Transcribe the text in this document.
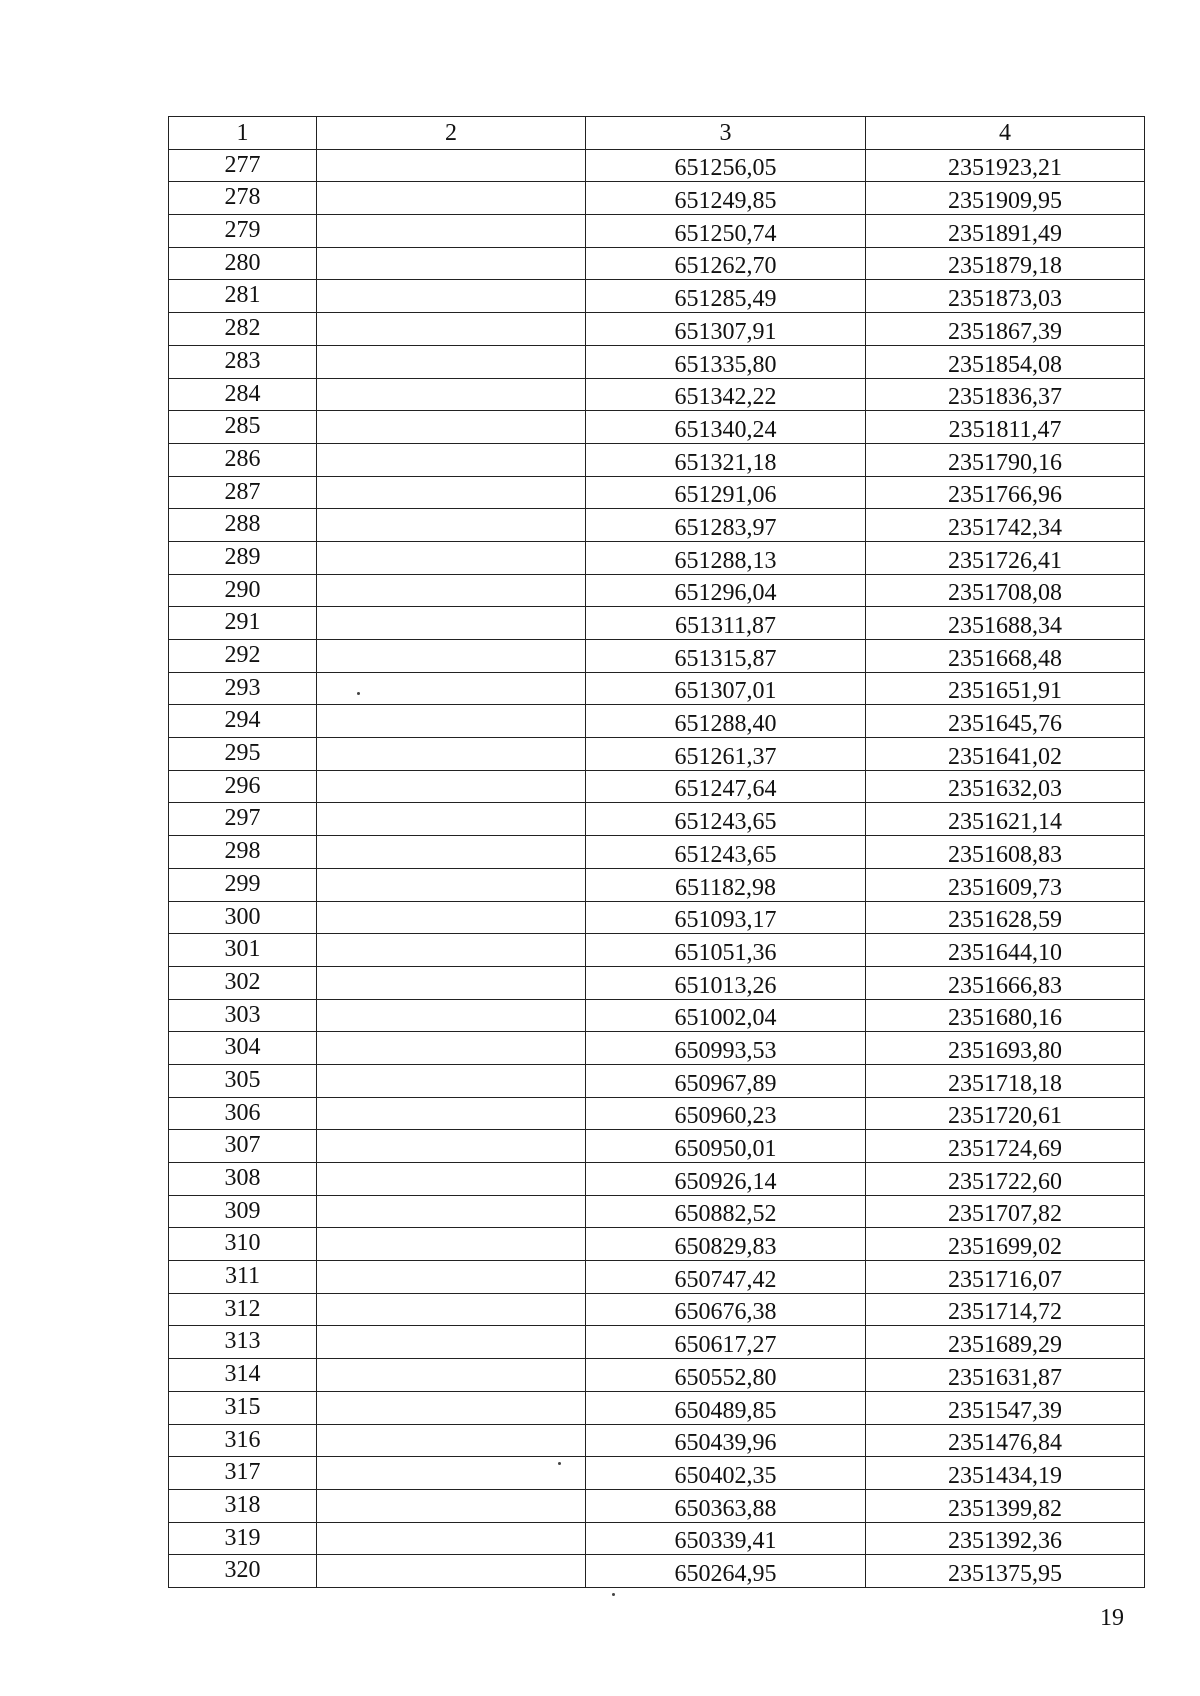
1	2	3	4
277		651256,05	2351923,21
278		651249,85	2351909,95
279		651250,74	2351891,49
280		651262,70	2351879,18
281		651285,49	2351873,03
282		651307,91	2351867,39
283		651335,80	2351854,08
284		651342,22	2351836,37
285		651340,24	2351811,47
286		651321,18	2351790,16
287		651291,06	2351766,96
288		651283,97	2351742,34
289		651288,13	2351726,41
290		651296,04	2351708,08
291		651311,87	2351688,34
292		651315,87	2351668,48
293		651307,01	2351651,91
294		651288,40	2351645,76
295		651261,37	2351641,02
296		651247,64	2351632,03
297		651243,65	2351621,14
298		651243,65	2351608,83
299		651182,98	2351609,73
300		651093,17	2351628,59
301		651051,36	2351644,10
302		651013,26	2351666,83
303		651002,04	2351680,16
304		650993,53	2351693,80
305		650967,89	2351718,18
306		650960,23	2351720,61
307		650950,01	2351724,69
308		650926,14	2351722,60
309		650882,52	2351707,82
310		650829,83	2351699,02
311		650747,42	2351716,07
312		650676,38	2351714,72
313		650617,27	2351689,29
314		650552,80	2351631,87
315		650489,85	2351547,39
316		650439,96	2351476,84
317		650402,35	2351434,19
318		650363,88	2351399,82
319		650339,41	2351392,36
320		650264,95	2351375,95
19
